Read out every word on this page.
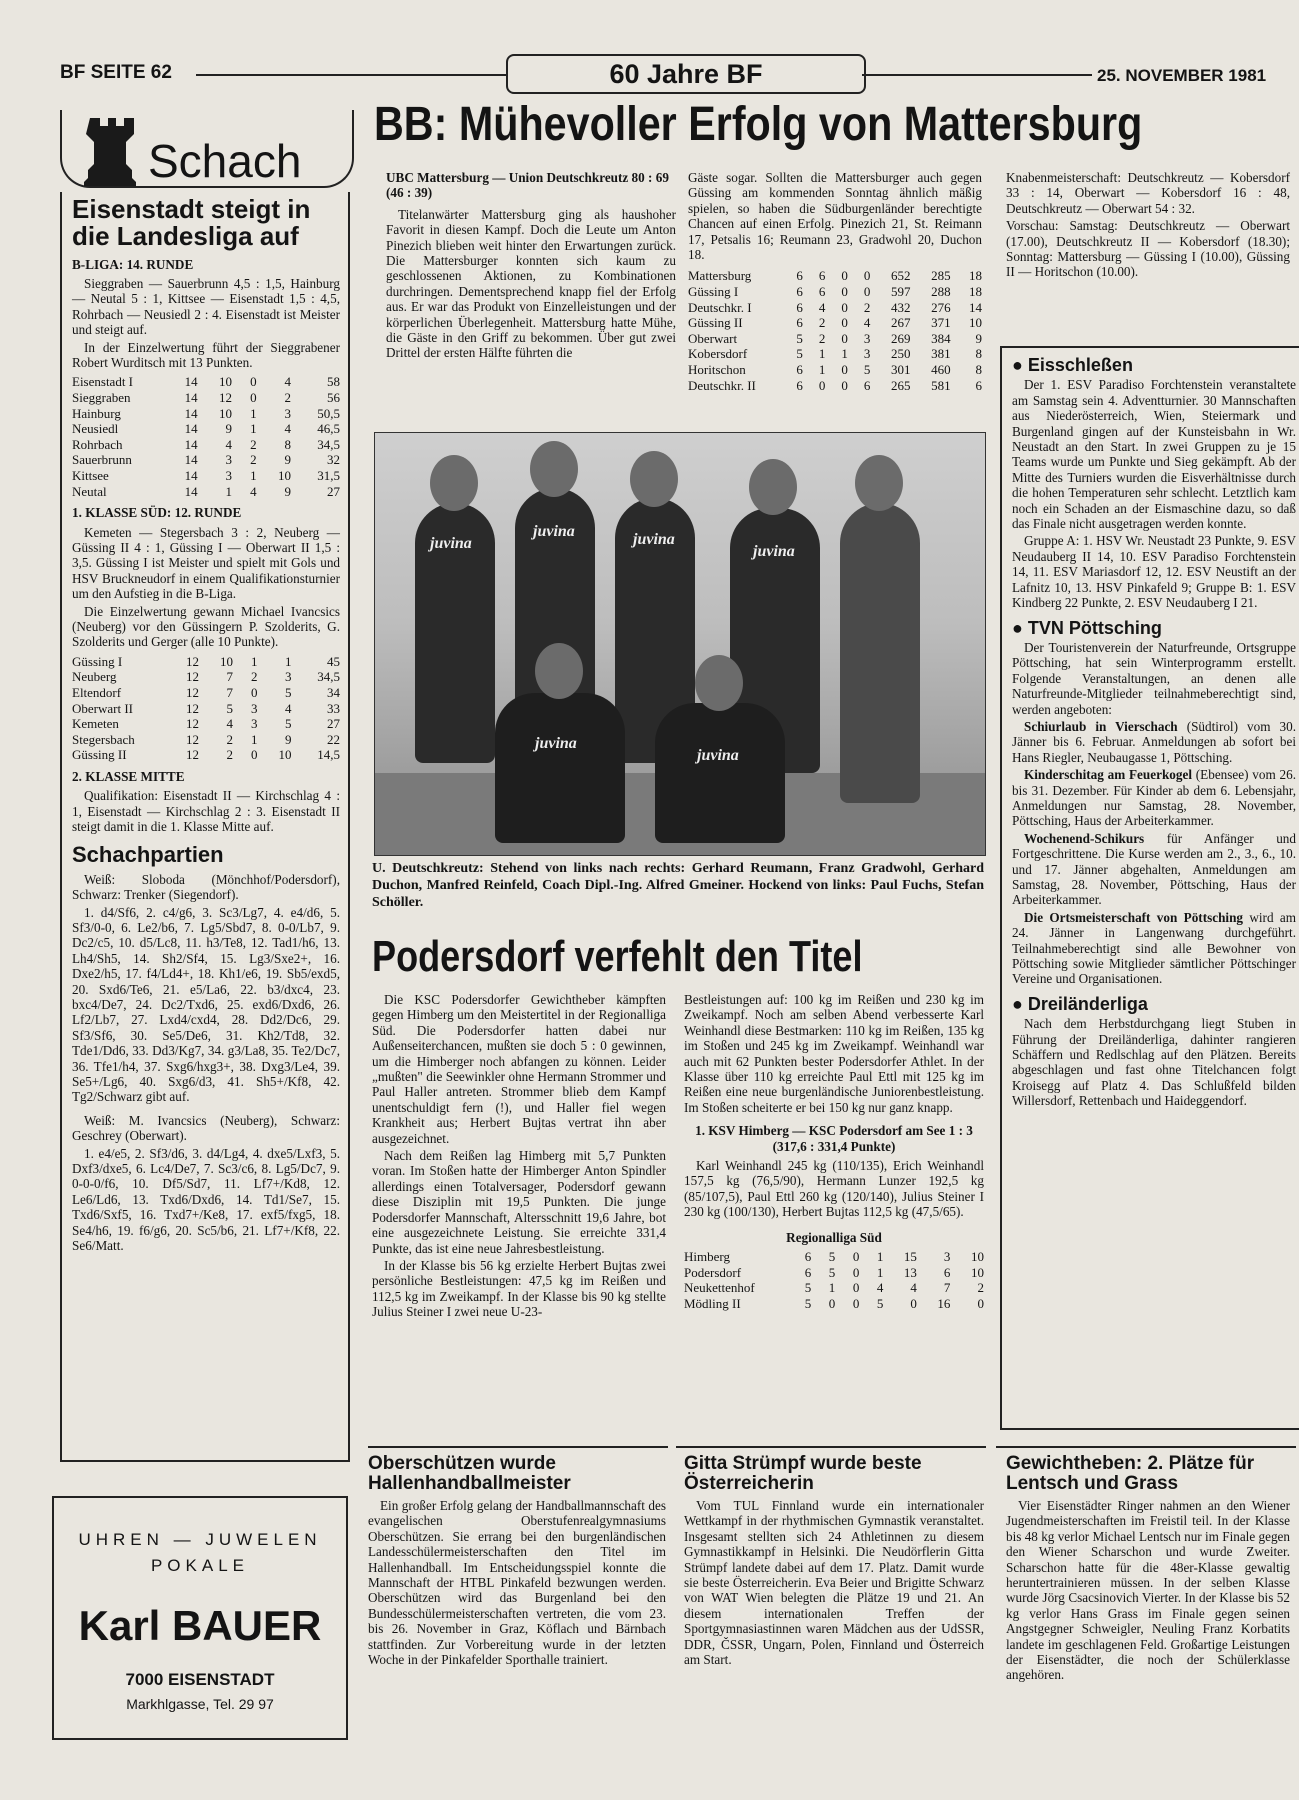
BF SEITE 62	60 Jahre BF	25. NOVEMBER 1981
Schach
Eisenstadt steigt in die Landesliga auf
B-LIGA: 14. RUNDE

Sieggraben — Sauerbrunn 4,5 : 1,5, Hainburg — Neutal 5 : 1, Kittsee — Eisenstadt 1,5 : 4,5, Rohrbach — Neusiedl 2 : 4. Eisenstadt ist Meister und steigt auf.

In der Einzelwertung führt der Sieggrabener Robert Wurditsch mit 13 Punkten.

Eisenstadt I	14	10	0	4	58
Sieggraben	14	12	0	2	56
Hainburg	14	10	1	3	50,5
Neusiedl	14	9	1	4	46,5
Rohrbach	14	4	2	8	34,5
Sauerbrunn	14	3	2	9	32
Kittsee	14	3	1	10	31,5
Neutal	14	1	4	9	27
1. KLASSE SÜD: 12. RUNDE

Kemeten — Stegersbach 3 : 2, Neuberg — Güssing II 4 : 1, Güssing I — Oberwart II 1,5 : 3,5. Güssing I ist Meister und spielt mit Gols und HSV Bruckneudorf in einem Qualifikationsturnier um den Aufstieg in die B-Liga.

Die Einzelwertung gewann Michael Ivancsics (Neuberg) vor den Güssingern P. Szolderits, G. Szolderits und Gerger (alle 10 Punkte).

Güssing I	12	10	1	1	45
Neuberg	12	7	2	3	34,5
Eltendorf	12	7	0	5	34
Oberwart II	12	5	3	4	33
Kemeten	12	4	3	5	27
Stegersbach	12	2	1	9	22
Güssing II	12	2	0	10	14,5
2. KLASSE MITTE

Qualifikation: Eisenstadt II — Kirchschlag 4 : 1, Eisenstadt — Kirchschlag 2 : 3. Eisenstadt II steigt damit in die 1. Klasse Mitte auf.

Schachpartien

Weiß: Sloboda (Mönchhof/Podersdorf), Schwarz: Trenker (Siegendorf).

1. d4/Sf6, 2. c4/g6, 3. Sc3/Lg7, 4. e4/d6, 5. Sf3/0-0, 6. Le2/b6, 7. Lg5/Sbd7, 8. 0-0/Lb7, 9. Dc2/c5, 10. d5/Lc8, 11. h3/Te8, 12. Tad1/h6, 13. Lh4/Sh5, 14. Sh2/Sf4, 15. Lg3/Sxe2+, 16. Dxe2/h5, 17. f4/Ld4+, 18. Kh1/e6, 19. Sb5/exd5, 20. Sxd6/Te6, 21. e5/La6, 22. b3/dxc4, 23. bxc4/De7, 24. Dc2/Txd6, 25. exd6/Dxd6, 26. Lf2/Lb7, 27. Lxd4/cxd4, 28. Dd2/Dc6, 29. Sf3/Sf6, 30. Se5/De6, 31. Kh2/Td8, 32. Tde1/Dd6, 33. Dd3/Kg7, 34. g3/La8, 35. Te2/Dc7, 36. Tfe1/h4, 37. Sxg6/hxg3+, 38. Dxg3/Le4, 39. Se5+/Lg6, 40. Sxg6/d3, 41. Sh5+/Kf8, 42. Tg2/Schwarz gibt auf.

Weiß: M. Ivancsics (Neuberg), Schwarz: Geschrey (Oberwart).

1. e4/e5, 2. Sf3/d6, 3. d4/Lg4, 4. dxe5/Lxf3, 5. Dxf3/dxe5, 6. Lc4/De7, 7. Sc3/c6, 8. Lg5/Dc7, 9. 0-0-0/f6, 10. Df5/Sd7, 11. Lf7+/Kd8, 12. Le6/Ld6, 13. Txd6/Dxd6, 14. Td1/Se7, 15. Txd6/Sxf5, 16. Txd7+/Ke8, 17. exf5/fxg5, 18. Se4/h6, 19. f6/g6, 20. Sc5/b6, 21. Lf7+/Kf8, 22. Se6/Matt.

UHREN — JUWELEN
POKALE
Karl BAUER
7000 EISENSTADT
Markhlgasse, Tel. 29 97
BB: Mühevoller Erfolg von Mattersburg
UBC Mattersburg — Union Deutschkreutz 80 : 69 (46 : 39)

Titelanwärter Mattersburg ging als haushoher Favorit in diesen Kampf. Doch die Leute um Anton Pinezich blieben weit hinter den Erwartungen zurück. Die Mattersburger konnten sich kaum zu geschlossenen Aktionen, zu Kombinationen durchringen. Dementsprechend knapp fiel der Erfolg aus. Er war das Produkt von Einzelleistungen und der körperlichen Überlegenheit. Mattersburg hatte Mühe, die Gäste in den Griff zu bekommen. Über gut zwei Drittel der ersten Hälfte führten die

Gäste sogar. Sollten die Mattersburger auch gegen Güssing am kommenden Sonntag ähnlich mäßig spielen, so haben die Südburgenländer berechtigte Chancen auf einen Erfolg. Pinezich 21, St. Reimann 17, Petsalis 16; Reumann 23, Gradwohl 20, Duchon 18.

Mattersburg	6	6	0	0	652	285	18
Güssing I	6	6	0	0	597	288	18
Deutschkr. I	6	4	0	2	432	276	14
Güssing II	6	2	0	4	267	371	10
Oberwart	5	2	0	3	269	384	9
Kobersdorf	5	1	1	3	250	381	8
Horitschon	6	1	0	5	301	460	8
Deutschkr. II	6	0	0	6	265	581	6
juvina
juvina	juvina
juvina
juvina
juvina
U. Deutschkreutz: Stehend von links nach rechts: Gerhard Reumann, Franz Gradwohl, Gerhard Duchon, Manfred Reinfeld, Coach Dipl.-Ing. Alfred Gmeiner. Hockend von links: Paul Fuchs, Stefan Schöller.

Knabenmeisterschaft: Deutschkreutz — Kobersdorf 33 : 14, Oberwart — Kobersdorf 16 : 48, Deutschkreutz — Oberwart 54 : 32.

Vorschau: Samstag: Deutschkreutz — Oberwart (17.00), Deutschkreutz II — Kobersdorf (18.30); Sonntag: Mattersburg — Güssing I (10.00), Güssing II — Horitschon (10.00).

● Eisschleßen

Der 1. ESV Paradiso Forchtenstein veranstaltete am Samstag sein 4. Adventturnier. 30 Mannschaften aus Niederösterreich, Wien, Steiermark und Burgenland gingen auf der Kunsteisbahn in Wr. Neustadt an den Start. In zwei Gruppen zu je 15 Teams wurde um Punkte und Sieg gekämpft. Ab der Mitte des Turniers wurden die Eisverhältnisse durch die hohen Temperaturen sehr schlecht. Letztlich kam noch ein Schaden an der Eismaschine dazu, so daß das Finale nicht ausgetragen werden konnte.

Gruppe A: 1. HSV Wr. Neustadt 23 Punkte, 9. ESV Neudauberg II 14, 10. ESV Paradiso Forchtenstein 14, 11. ESV Mariasdorf 12, 12. ESV Neustift an der Lafnitz 10, 13. HSV Pinkafeld 9; Gruppe B: 1. ESV Kindberg 22 Punkte, 2. ESV Neudauberg I 21.

● TVN Pöttsching

Der Touristenverein der Naturfreunde, Ortsgruppe Pöttsching, hat sein Winterprogramm erstellt. Folgende Veranstaltungen, an denen alle Naturfreunde-Mitglieder teilnahmeberechtigt sind, werden angeboten:

Schiurlaub in Vierschach (Südtirol) vom 30. Jänner bis 6. Februar. Anmeldungen ab sofort bei Hans Riegler, Neubaugasse 1, Pöttsching.

Kinderschitag am Feuerkogel (Ebensee) vom 26. bis 31. Dezember. Für Kinder ab dem 6. Lebensjahr, Anmeldungen nur Samstag, 28. November, Pöttsching, Haus der Arbeiterkammer.

Wochenend-Schikurs für Anfänger und Fortgeschrittene. Die Kurse werden am 2., 3., 6., 10. und 17. Jänner abgehalten, Anmeldungen am Samstag, 28. November, Pöttsching, Haus der Arbeiterkammer.

Die Ortsmeisterschaft von Pöttsching wird am 24. Jänner in Langenwang durchgeführt. Teilnahmeberechtigt sind alle Bewohner von Pöttsching sowie Mitglieder sämtlicher Pöttschinger Vereine und Organisationen.

● Dreiländerliga

Nach dem Herbstdurchgang liegt Stuben in Führung der Dreiländerliga, dahinter rangieren Schäffern und Redlschlag auf den Plätzen. Bereits abgeschlagen und fast ohne Titelchancen folgt Kroisegg auf Platz 4. Das Schlußfeld bilden Willersdorf, Rettenbach und Haideggendorf.

Podersdorf verfehlt den Titel

Die KSC Podersdorfer Gewichtheber kämpften gegen Himberg um den Meistertitel in der Regionalliga Süd. Die Podersdorfer hatten dabei nur Außenseiterchancen, mußten sie doch 5 : 0 gewinnen, um die Himberger noch abfangen zu können. Leider „mußten" die Seewinkler ohne Hermann Strommer und Paul Haller antreten. Strommer blieb dem Kampf unentschuldigt fern (!), und Haller fiel wegen Krankheit aus; Herbert Bujtas vertrat ihn aber ausgezeichnet.

Nach dem Reißen lag Himberg mit 5,7 Punkten voran. Im Stoßen hatte der Himberger Anton Spindler allerdings einen Totalversager, Podersdorf gewann diese Disziplin mit 19,5 Punkten. Die junge Podersdorfer Mannschaft, Altersschnitt 19,6 Jahre, bot eine ausgezeichnete Leistung. Sie erreichte 331,4 Punkte, das ist eine neue Jahresbestleistung.

In der Klasse bis 56 kg erzielte Herbert Bujtas zwei persönliche Bestleistungen: 47,5 kg im Reißen und 112,5 kg im Zweikampf. In der Klasse bis 90 kg stellte Julius Steiner I zwei neue U-23-

Bestleistungen auf: 100 kg im Reißen und 230 kg im Zweikampf. Noch am selben Abend verbesserte Karl Weinhandl diese Bestmarken: 110 kg im Reißen, 135 kg im Stoßen und 245 kg im Zweikampf. Weinhandl war auch mit 62 Punkten bester Podersdorfer Athlet. In der Klasse über 110 kg erreichte Paul Ettl mit 125 kg im Reißen eine neue burgenländische Juniorenbestleistung. Im Stoßen scheiterte er bei 150 kg nur ganz knapp.

1. KSV Himberg — KSC Podersdorf am See 1 : 3 (317,6 : 331,4 Punkte)

Karl Weinhandl 245 kg (110/135), Erich Weinhandl 157,5 kg (76,5/90), Hermann Lunzer 192,5 kg (85/107,5), Paul Ettl 260 kg (120/140), Julius Steiner I 230 kg (100/130), Herbert Bujtas 112,5 kg (47,5/65).

Regionalliga Süd
Himberg	6	5	0	1	15	3	10
Podersdorf	6	5	0	1	13	6	10
Neukettenhof	5	1	0	4	4	7	2
Mödling II	5	0	0	5	0	16	0
Oberschützen wurde Hallenhandballmeister

Ein großer Erfolg gelang der Handballmannschaft des evangelischen Oberstufenrealgymnasiums Oberschützen. Sie errang bei den burgenländischen Landesschülermeisterschaften den Titel im Hallenhandball. Im Entscheidungsspiel konnte die Mannschaft der HTBL Pinkafeld bezwungen werden. Oberschützen wird das Burgenland bei den Bundesschülermeisterschaften vertreten, die vom 23. bis 26. November in Graz, Köflach und Bärnbach stattfinden. Zur Vorbereitung wurde in der letzten Woche in der Pinkafelder Sporthalle trainiert.

Gitta Strümpf wurde beste Österreicherin

Vom TUL Finnland wurde ein internationaler Wettkampf in der rhythmischen Gymnastik veranstaltet. Insgesamt stellten sich 24 Athletinnen zu diesem Gymnastikkampf in Helsinki. Die Neudörflerin Gitta Strümpf landete dabei auf dem 17. Platz. Damit wurde sie beste Österreicherin. Eva Beier und Brigitte Schwarz von WAT Wien belegten die Plätze 19 und 21. An diesem internationalen Treffen der Sportgymnasiastinnen waren Mädchen aus der UdSSR, DDR, ČSSR, Ungarn, Polen, Finnland und Österreich am Start.

Gewichtheben: 2. Plätze für Lentsch und Grass

Vier Eisenstädter Ringer nahmen an den Wiener Jugendmeisterschaften im Freistil teil. In der Klasse bis 48 kg verlor Michael Lentsch nur im Finale gegen den Wiener Scharschon und wurde Zweiter. Scharschon hatte für die 48er-Klasse gewaltig heruntertrainieren müssen. In der selben Klasse wurde Jörg Csacsinovich Vierter. In der Klasse bis 52 kg verlor Hans Grass im Finale gegen seinen Angstgegner Schweigler, Neuling Franz Korbatits landete im geschlagenen Feld. Großartige Leistungen der Eisenstädter, die noch der Schülerklasse angehören.
